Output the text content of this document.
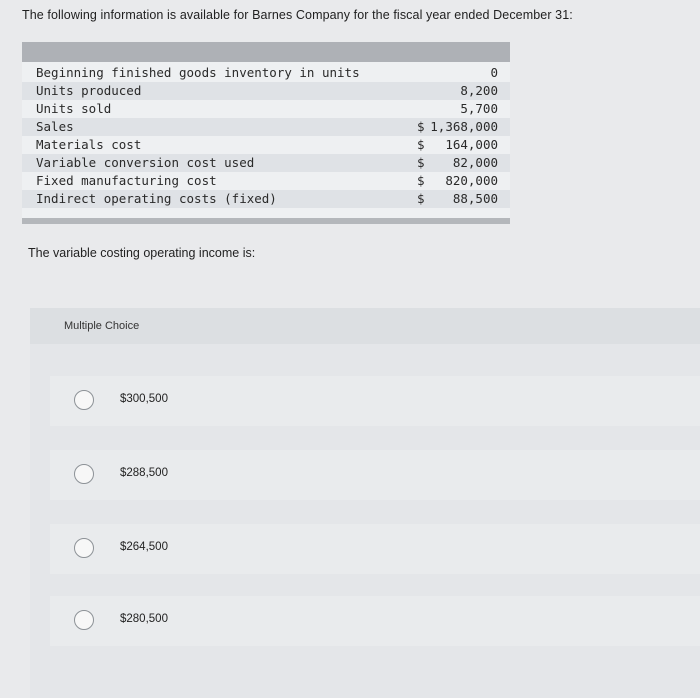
The following information is available for Barnes Company for the fiscal year ended December 31:
Beginning finished goods inventory in units	0
Units produced	8,200
Units sold	5,700
Sales	$ 1,368,000
Materials cost	$ 164,000
Variable conversion cost used	$ 82,000
Fixed manufacturing cost	$ 820,000
Indirect operating costs (fixed)	$ 88,500
The variable costing operating income is:
Multiple Choice
$300,500
$288,500
$264,500
$280,500
